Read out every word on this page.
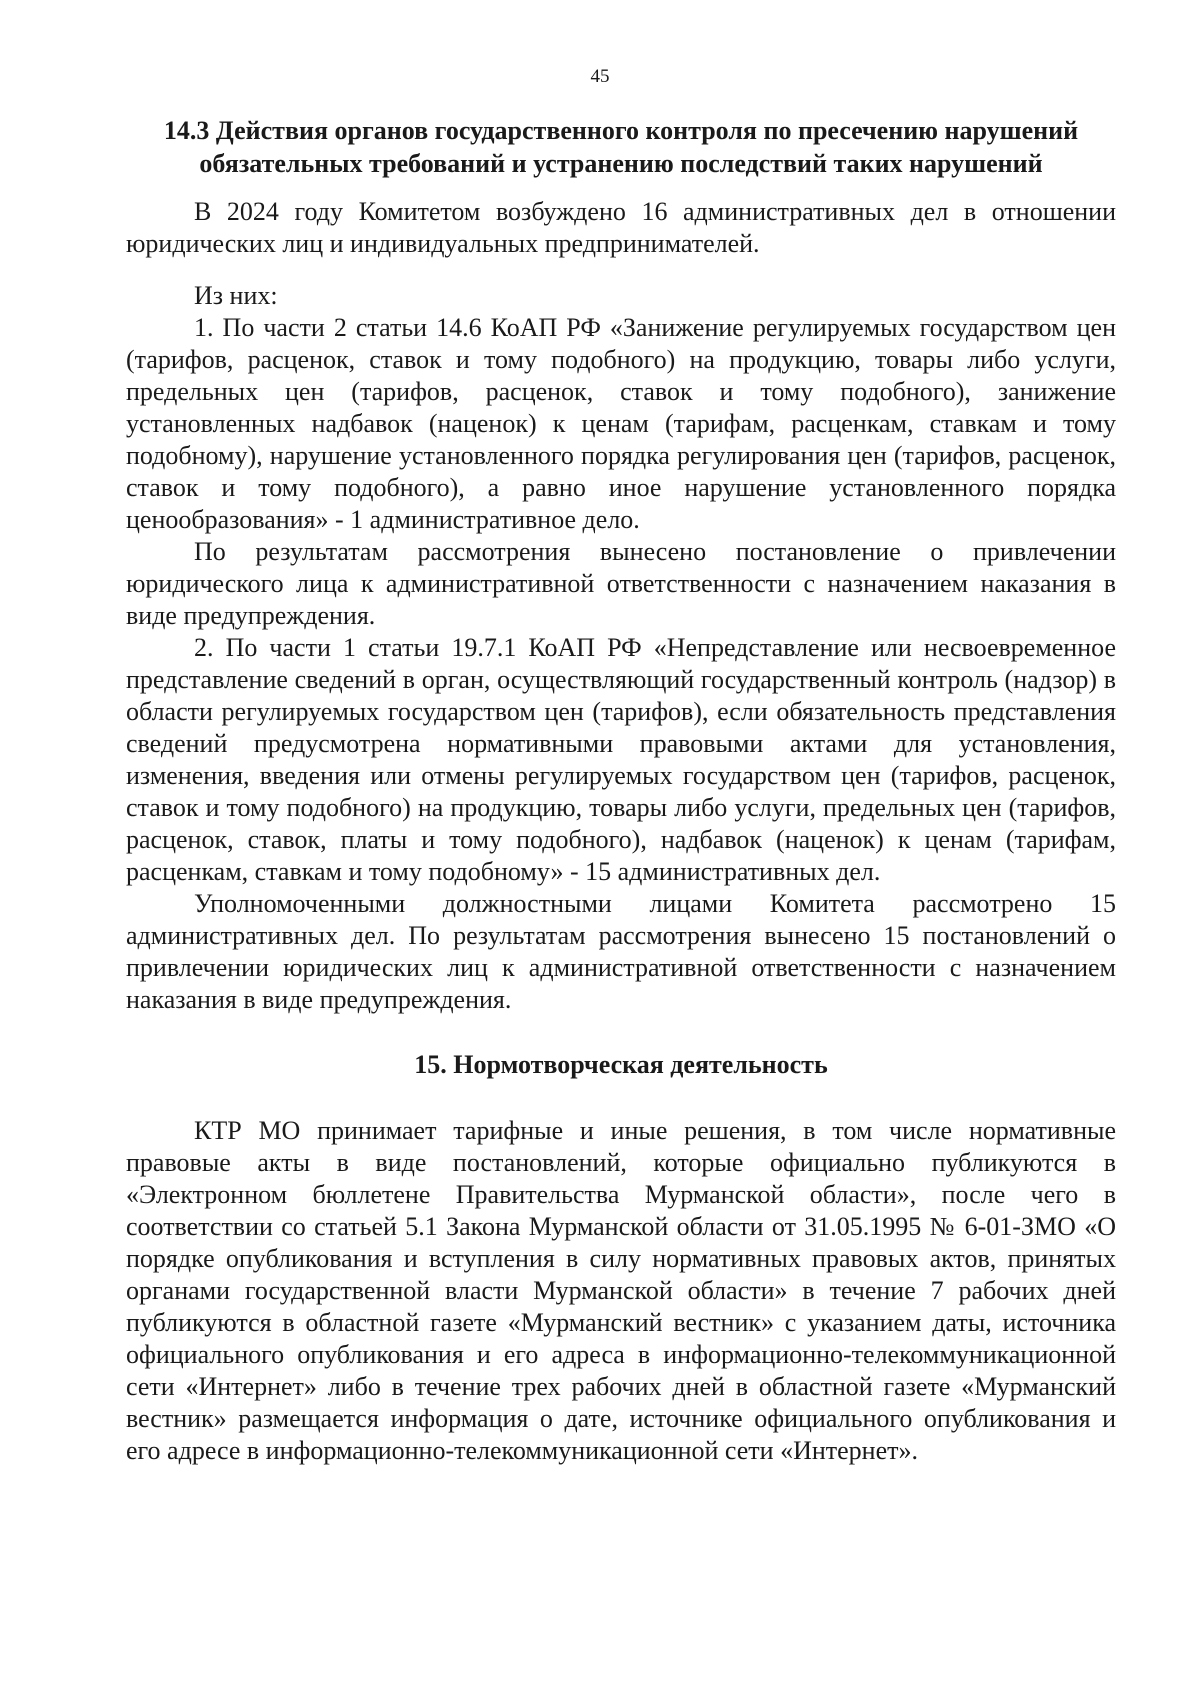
45
14.3 Действия органов государственного контроля по пресечению нарушений
обязательных требований и устранению последствий таких нарушений

В 2024 году Комитетом возбуждено 16 административных дел в отношении юридических лиц и индивидуальных предпринимателей.

Из них:

1. По части 2 статьи 14.6 КоАП РФ «Занижение регулируемых государством цен (тарифов, расценок, ставок и тому подобного) на продукцию, товары либо услуги, предельных цен (тарифов, расценок, ставок и тому подобного), занижение установленных надбавок (наценок) к ценам (тарифам, расценкам, ставкам и тому подобному), нарушение установленного порядка регулирования цен (тарифов, расценок, ставок и тому подобного), а равно иное нарушение установленного порядка ценообразования» - 1 административное дело.

По результатам рассмотрения вынесено постановление о привлечении юридического лица к административной ответственности с назначением наказания в виде предупреждения.

2. По части 1 статьи 19.7.1 КоАП РФ «Непредставление или несвоевременное представление сведений в орган, осуществляющий государственный контроль (надзор) в области регулируемых государством цен (тарифов), если обязательность представления сведений предусмотрена нормативными правовыми актами для установления, изменения, введения или отмены регулируемых государством цен (тарифов, расценок, ставок и тому подобного) на продукцию, товары либо услуги, предельных цен (тарифов, расценок, ставок, платы и тому подобного), надбавок (наценок) к ценам (тарифам, расценкам, ставкам и тому подобному» - 15 административных дел.

Уполномоченными должностными лицами Комитета рассмотрено 15 административных дел. По результатам рассмотрения вынесено 15 постановлений о привлечении юридических лиц к административной ответственности с назначением наказания в виде предупреждения.

15. Нормотворческая деятельность

КТР МО принимает тарифные и иные решения, в том числе нормативные правовые акты в виде постановлений, которые официально публикуются в «Электронном бюллетене Правительства Мурманской области», после чего в соответствии со статьей 5.1 Закона Мурманской области от 31.05.1995 № 6-01-ЗМО «О порядке опубликования и вступления в силу нормативных правовых актов, принятых органами государственной власти Мурманской области» в течение 7 рабочих дней публикуются в областной газете «Мурманский вестник» с указанием даты, источника официального опубликования и его адреса в информационно-телекоммуникационной сети «Интернет» либо в течение трех рабочих дней в областной газете «Мурманский вестник» размещается информация о дате, источнике официального опубликования и его адресе в информационно-телекоммуникационной сети «Интернет».
